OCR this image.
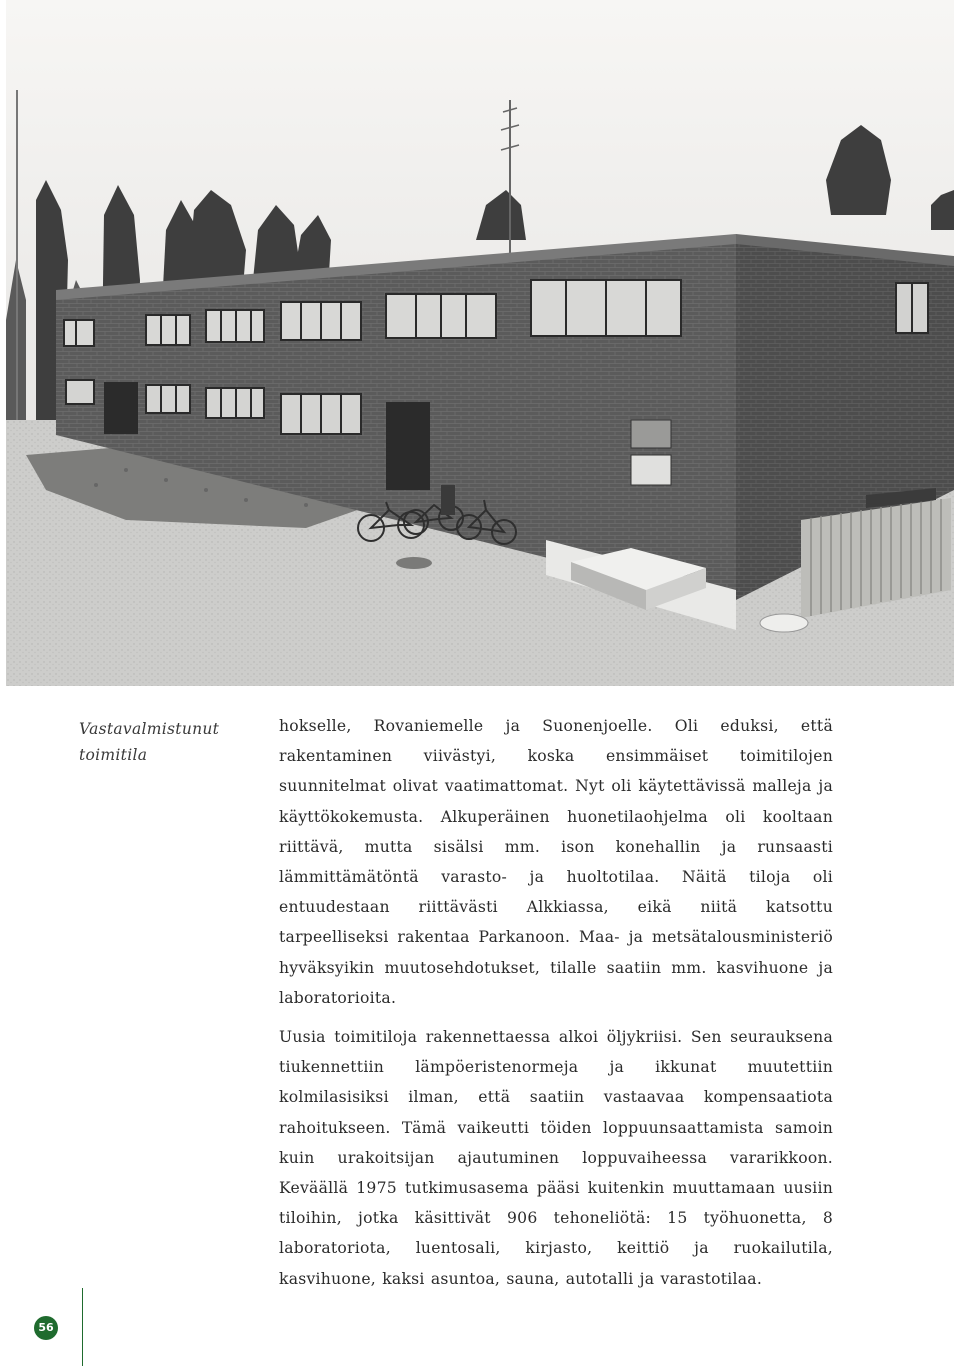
Vastavalmistunut
toimitila

hokselle, Rovaniemelle ja Suonenjoelle. Oli eduksi, että rakentaminen viivästyi, koska ensimmäiset toimitilojen suunnitelmat olivat vaatimattomat. Nyt oli käytettävissä malleja ja käyttökokemusta. Alkuperäinen huonetilaohjelma oli kooltaan riittävä, mutta sisälsi mm. ison konehallin ja runsaasti lämmittämätöntä varasto- ja huoltotilaa. Näitä tiloja oli entuudestaan riittävästi Alkkiassa, eikä niitä katsottu tarpeelliseksi rakentaa Parkanoon. Maa- ja metsätalousministeriö hyväksyikin muutosehdotukset, tilalle saatiin mm. kasvihuone ja laboratorioita.

Uusia toimitiloja rakennettaessa alkoi öljykriisi. Sen seurauksena tiukennettiin lämpöeristenormeja ja ikkunat muutettiin kolmilasisiksi ilman, että saatiin vastaavaa kompensaatiota rahoitukseen. Tämä vaikeutti töiden loppuunsaattamista samoin kuin urakoitsijan ajautuminen loppuvaiheessa vararikkoon. Keväällä 1975 tutkimusasema pääsi kuitenkin muuttamaan uusiin tiloihin, jotka käsittivät 906 tehoneliötä: 15 työhuonetta, 8 laboratoriota, luentosali, kirjasto, keittiö ja ruokailutila, kasvihuone, kaksi asuntoa, sauna, autotalli ja varastotilaa.

56
